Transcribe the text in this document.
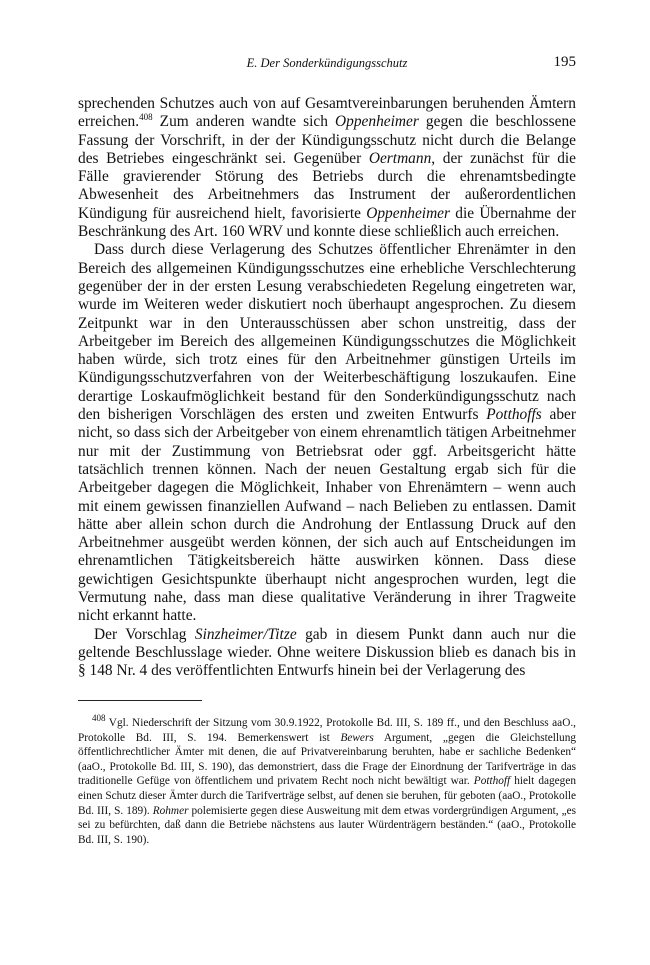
E. Der Sonderkündigungsschutz	195

sprechenden Schutzes auch von auf Gesamtvereinbarungen beruhenden Ämtern erreichen.$^{408}$ Zum anderen wandte sich Oppenheimer gegen die beschlossene Fassung der Vorschrift, in der der Kündigungsschutz nicht durch die Belange des Betriebes eingeschränkt sei. Gegenüber Oertmann, der zunächst für die Fälle gravierender Störung des Betriebs durch die ehrenamtsbedingte Abwesenheit des Arbeitnehmers das Instrument der außerordentlichen Kündigung für ausreichend hielt, favorisierte Oppenheimer die Übernahme der Beschränkung des Art. 160 WRV und konnte diese schließlich auch erreichen.

Dass durch diese Verlagerung des Schutzes öffentlicher Ehrenämter in den Bereich des allgemeinen Kündigungsschutzes eine erhebliche Verschlechterung gegenüber der in der ersten Lesung verabschiedeten Regelung eingetreten war, wurde im Weiteren weder diskutiert noch überhaupt angesprochen. Zu diesem Zeitpunkt war in den Unterausschüssen aber schon unstreitig, dass der Arbeitgeber im Bereich des allgemeinen Kündigungsschutzes die Möglichkeit haben würde, sich trotz eines für den Arbeitnehmer günstigen Urteils im Kündigungsschutzverfahren von der Weiterbeschäftigung loszukaufen. Eine derartige Loskaufmöglichkeit bestand für den Sonderkündigungsschutz nach den bisherigen Vorschlägen des ersten und zweiten Entwurfs Potthoffs aber nicht, so dass sich der Arbeitgeber von einem ehrenamtlich tätigen Arbeitnehmer nur mit der Zustimmung von Betriebsrat oder ggf. Arbeitsgericht hätte tatsächlich trennen können. Nach der neuen Gestaltung ergab sich für die Arbeitgeber dagegen die Möglichkeit, Inhaber von Ehrenämtern – wenn auch mit einem gewissen finanziellen Aufwand – nach Belieben zu entlassen. Damit hätte aber allein schon durch die Androhung der Entlassung Druck auf den Arbeitnehmer ausgeübt werden können, der sich auch auf Entscheidungen im ehrenamtlichen Tätigkeitsbereich hätte auswirken können. Dass diese gewichtigen Gesichtspunkte überhaupt nicht angesprochen wurden, legt die Vermutung nahe, dass man diese qualitative Veränderung in ihrer Tragweite nicht erkannt hatte.

Der Vorschlag Sinzheimer/Titze gab in diesem Punkt dann auch nur die geltende Beschlusslage wieder. Ohne weitere Diskussion blieb es danach bis in § 148 Nr. 4 des veröffentlichten Entwurfs hinein bei der Verlagerung des

$^{408}$ Vgl. Niederschrift der Sitzung vom 30.9.1922, Protokolle Bd. III, S. 189 ff., und den Beschluss aaO., Protokolle Bd. III, S. 194. Bemerkenswert ist Bewers Argument, „gegen die Gleichstellung öffentlichrechtlicher Ämter mit denen, die auf Privatvereinbarung beruhten, habe er sachliche Bedenken“ (aaO., Protokolle Bd. III, S. 190), das demonstriert, dass die Frage der Einordnung der Tarifverträge in das traditionelle Gefüge von öffentlichem und privatem Recht noch nicht bewältigt war. Potthoff hielt dagegen einen Schutz dieser Ämter durch die Tarifverträge selbst, auf denen sie beruhen, für geboten (aaO., Protokolle Bd. III, S. 189). Rohmer polemisierte gegen diese Ausweitung mit dem etwas vordergründigen Argument, „es sei zu befürchten, daß dann die Betriebe nächstens aus lauter Würdenträgern beständen.“ (aaO., Protokolle Bd. III, S. 190).
